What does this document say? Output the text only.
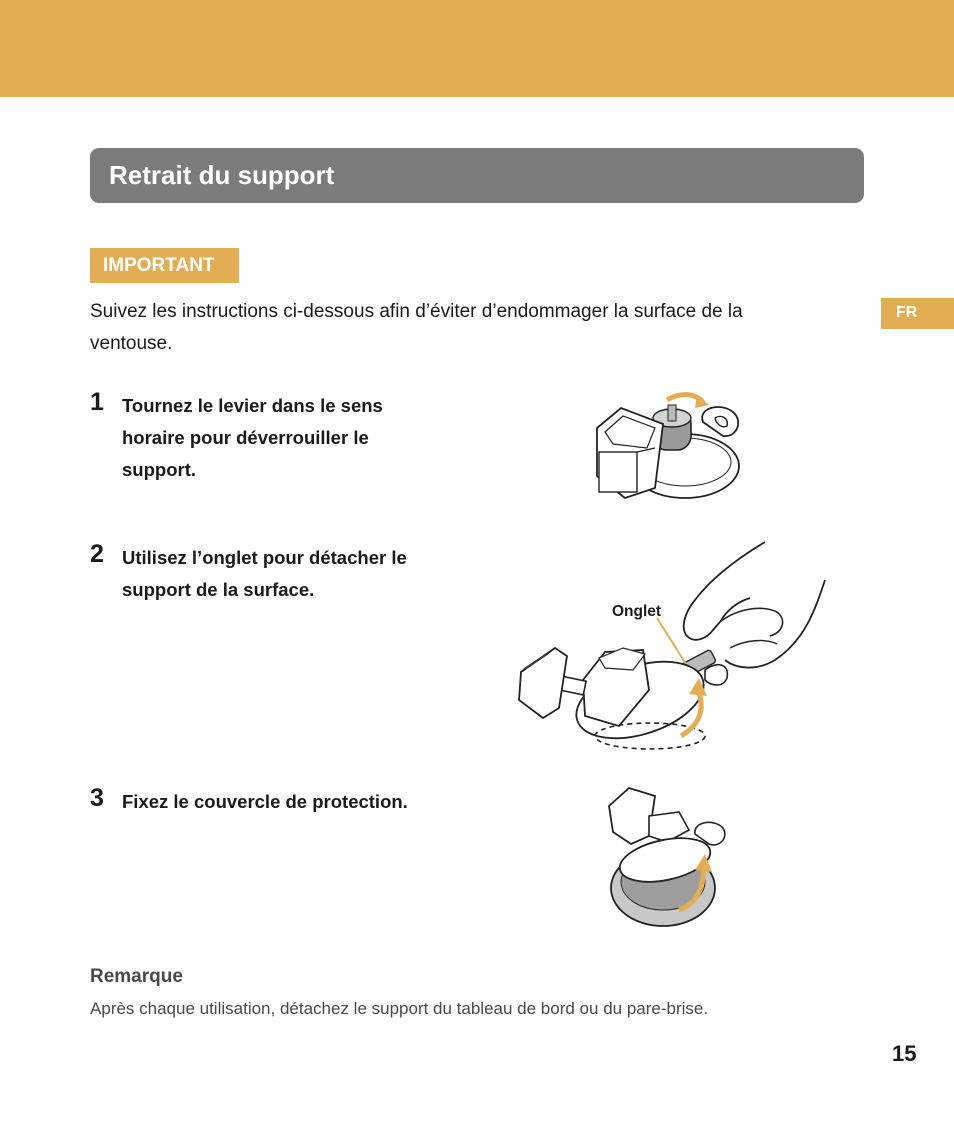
Retrait du support
IMPORTANT
Suivez les instructions ci-dessous afin d’éviter d’endommager la surface de la ventouse.
FR
1 Tournez le levier dans le sens horaire pour déverrouiller le support.
2 Utilisez l’onglet pour détacher le support de la surface.
Onglet
3 Fixez le couvercle de protection.
Remarque
Après chaque utilisation, détachez le support du tableau de bord ou du pare-brise.
15
